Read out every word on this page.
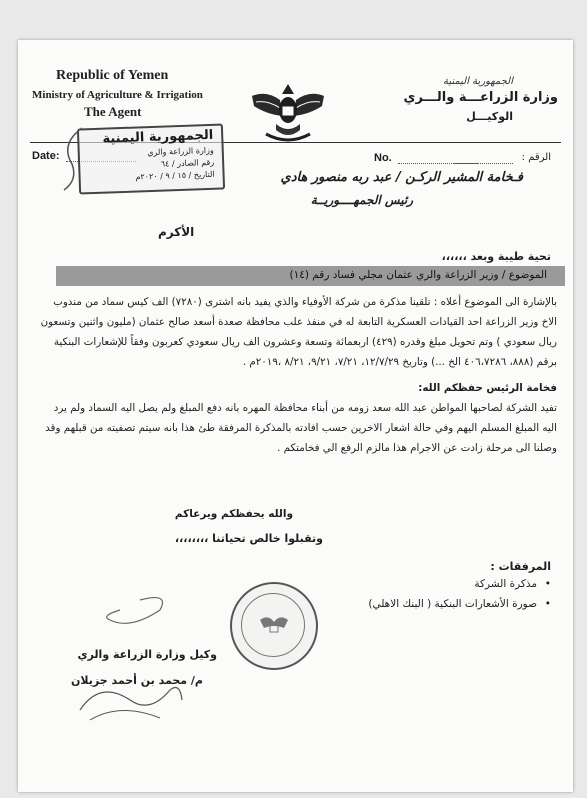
Republic of Yemen
Ministry of Agriculture & Irrigation
The Agent
الجمهورية اليمنية
وزارة الزراعـــة والـــري
الوكيـــل
Date:	No.	الرقم :
الجمهورية اليمنية
وزارة الزراعة والري
رقم الصادر / ٦٤
التاريخ / ١٥ / ٩ / ٢٠٢٠م	فـخامة المشير الركـن / عبد ربه منصور هادي
رئيس الجمهــــوريــة
الأكرم
تحية طيبة وبعد ،،،،،،
الموضوع / وزير الزراعة والري عثمان مجلي فساد رقم (١٤)
بالإشارة الى الموضوع أعلاه : تلقينا مذكرة من شركة الأوفياء والذي يفيد بانه اشترى (٧٢٨٠) الف كيس سماد من مندوب الاخ وزير الزراعة احد القيادات العسكرية التابعة له في منفذ علب محافظة صعدة أسعد صالح عثمان (مليون واثنين وتسعون ريال سعودي ) وتم تحويل مبلغ وقدره (٤٢٩) اربعمائة وتسعة وعشرون الف ريال سعودي كعربون وفقاً للإشعارات البنكية برقم (٨٨٨، ٤٠٦،٧٢٨٦ الخ ...) وتاريخ ١٢/٧/٢٩، ٧/٢١، ٩/٢١، ٨/٢١ ،٢٠١٩م .
فخامة الرئيس حفظكم الله:
تفيد الشركة لصاحبها المواطن عبد الله سعد زومه من أبناء محافظة المهره بانه دفع المبلغ ولم يصل اليه السماد ولم يرد اليه المبلغ المسلم اليهم وفي حالة اشعار الاخرين حسب افادته بالمذكرة المرفقة طئ هذا بانه سيتم تصفيته من قبلهم وقد وصلنا الى مرحلة زادت عن الاجرام هذا مالزم الرفع الي فخامتكم .
والله يحفظكم ويرعاكم
وتقبلوا خالص تحياتنا ،،،،،،،،
المرفقات :
• مذكرة الشركة
• صورة الأشعارات البنكية ( البنك الاهلي)
وكيل وزارة الزراعة والري
م/ محمد بن أحمد جزيلان
